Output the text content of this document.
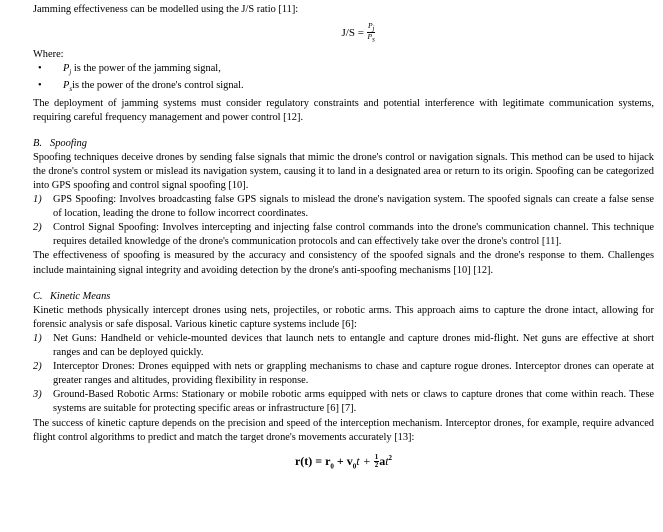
Jamming effectiveness can be modelled using the J/S ratio [11]:

$J/S = \frac{P_j}{P_s}$

Where:

• $P_j$ is the power of the jamming signal,
• $P_sis$ the power of the drone's control signal.

The deployment of jamming systems must consider regulatory constraints and potential interference with legitimate communication systems, requiring careful frequency management and power control [12].

B. Spoofing

Spoofing techniques deceive drones by sending false signals that mimic the drone's control or navigation signals. This method can be used to hijack the drone's control system or mislead its navigation system, causing it to land in a designated area or return to its origin. Spoofing can be categorized into GPS spoofing and control signal spoofing [10].

1) GPS Spoofing: Involves broadcasting false GPS signals to mislead the drone's navigation system. The spoofed signals can create a false sense of location, leading the drone to follow incorrect coordinates.
2) Control Signal Spoofing: Involves intercepting and injecting false control commands into the drone's communication channel. This technique requires detailed knowledge of the drone's communication protocols and can effectively take over the drone's control [11].

The effectiveness of spoofing is measured by the accuracy and consistency of the spoofed signals and the drone's response to them. Challenges include maintaining signal integrity and avoiding detection by the drone's anti-spoofing mechanisms [10] [12].

C. Kinetic Means

Kinetic methods physically intercept drones using nets, projectiles, or robotic arms. This approach aims to capture the drone intact, allowing for forensic analysis or safe disposal. Various kinetic capture systems include [6]:

1) Net Guns: Handheld or vehicle-mounted devices that launch nets to entangle and capture drones mid-flight. Net guns are effective at short ranges and can be deployed quickly.
2) Interceptor Drones: Drones equipped with nets or grappling mechanisms to chase and capture rogue drones. Interceptor drones can operate at greater ranges and altitudes, providing flexibility in response.
3) Ground-Based Robotic Arms: Stationary or mobile robotic arms equipped with nets or claws to capture drones that come within reach. These systems are suitable for protecting specific areas or infrastructure [6] [7].

The success of kinetic capture depends on the precision and speed of the interception mechanism. Interceptor drones, for example, require advanced flight control algorithms to predict and match the target drone's movements accurately [13]:

$r(t) = r_0 + v_0t + \frac{1}{2} at^2$
